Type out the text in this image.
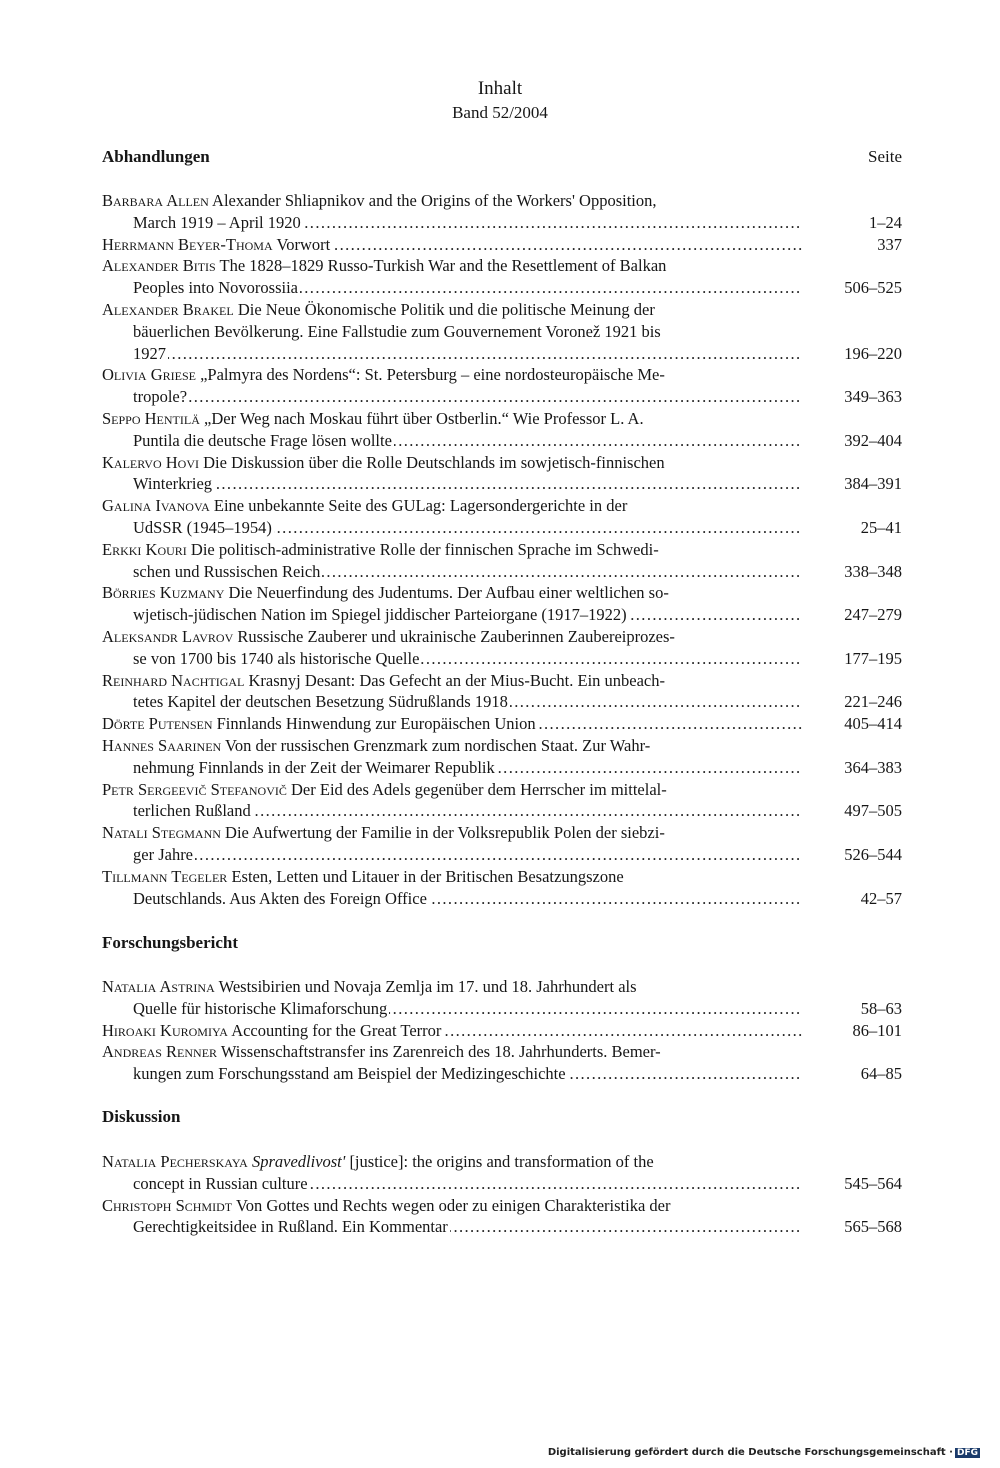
Inhalt
Band 52/2004
Abhandlungen	Seite
Barbara Allen Alexander Shliapnikov and the Origins of the Workers' Opposition,
March 1919 – April 1920 .....	1–24
Herrmann Beyer-Thoma Vorwort .....	337
Alexander Bitis The 1828–1829 Russo-Turkish War and the Resettlement of Balkan
Peoples into Novorossiia .....	506–525
Alexander Brakel Die Neue Ökonomische Politik und die politische Meinung der
bäuerlichen Bevölkerung. Eine Fallstudie zum Gouvernement Voronež 1921 bis
1927 .....	196–220
Olivia Griese „Palmyra des Nordens“: St. Petersburg – eine nordosteuropäische Me-
tropole? .....	349–363
Seppo Hentilä „Der Weg nach Moskau führt über Ostberlin.“ Wie Professor L. A.
Puntila die deutsche Frage lösen wollte .....	392–404
Kalervo Hovi Die Diskussion über die Rolle Deutschlands im sowjetisch-finnischen
Winterkrieg .....	384–391
Galina Ivanova Eine unbekannte Seite des GULag: Lagersondergerichte in der
UdSSR (1945–1954) .....	25–41
Erkki Kouri Die politisch-administrative Rolle der finnischen Sprache im Schwedi-
schen und Russischen Reich .....	338–348
Börries Kuzmany Die Neuerfindung des Judentums. Der Aufbau einer weltlichen so-
wjetisch-jüdischen Nation im Spiegel jiddischer Parteiorgane (1917–1922) .....	247–279
Aleksandr Lavrov Russische Zauberer und ukrainische Zauberinnen Zaubereiprozes-
se von 1700 bis 1740 als historische Quelle .....	177–195
Reinhard Nachtigal Krasnyj Desant: Das Gefecht an der Mius-Bucht. Ein unbeach-
tetes Kapitel der deutschen Besetzung Südrußlands 1918 .....	221–246
Dörte Putensen Finnlands Hinwendung zur Europäischen Union .....	405–414
Hannes Saarinen Von der russischen Grenzmark zum nordischen Staat. Zur Wahr-
nehmung Finnlands in der Zeit der Weimarer Republik .....	364–383
Petr Sergeevič Stefanovič Der Eid des Adels gegenüber dem Herrscher im mittelal-
terlichen Rußland .....	497–505
Natali Stegmann Die Aufwertung der Familie in der Volksrepublik Polen der siebzi-
ger Jahre .....	526–544
Tillmann Tegeler Esten, Letten und Litauer in der Britischen Besatzungszone
Deutschlands. Aus Akten des Foreign Office .....	42–57
Forschungsbericht
Natalia Astrina Westsibirien und Novaja Zemlja im 17. und 18. Jahrhundert als
Quelle für historische Klimaforschung .....	58–63
Hiroaki Kuromiya Accounting for the Great Terror .....	86–101
Andreas Renner Wissenschaftstransfer ins Zarenreich des 18. Jahrhunderts. Bemer-
kungen zum Forschungsstand am Beispiel der Medizingeschichte .....	64–85
Diskussion
Natalia Pecherskaya Spravedlivost' [justice]: the origins and transformation of the
concept in Russian culture .....	545–564
Christoph Schmidt Von Gottes und Rechts wegen oder zu einigen Charakteristika der
Gerechtigkeitsidee in Rußland. Ein Kommentar .....	565–568
Digitalisierung gefördert durch die Deutsche Forschungsgemeinschaft · DFG
